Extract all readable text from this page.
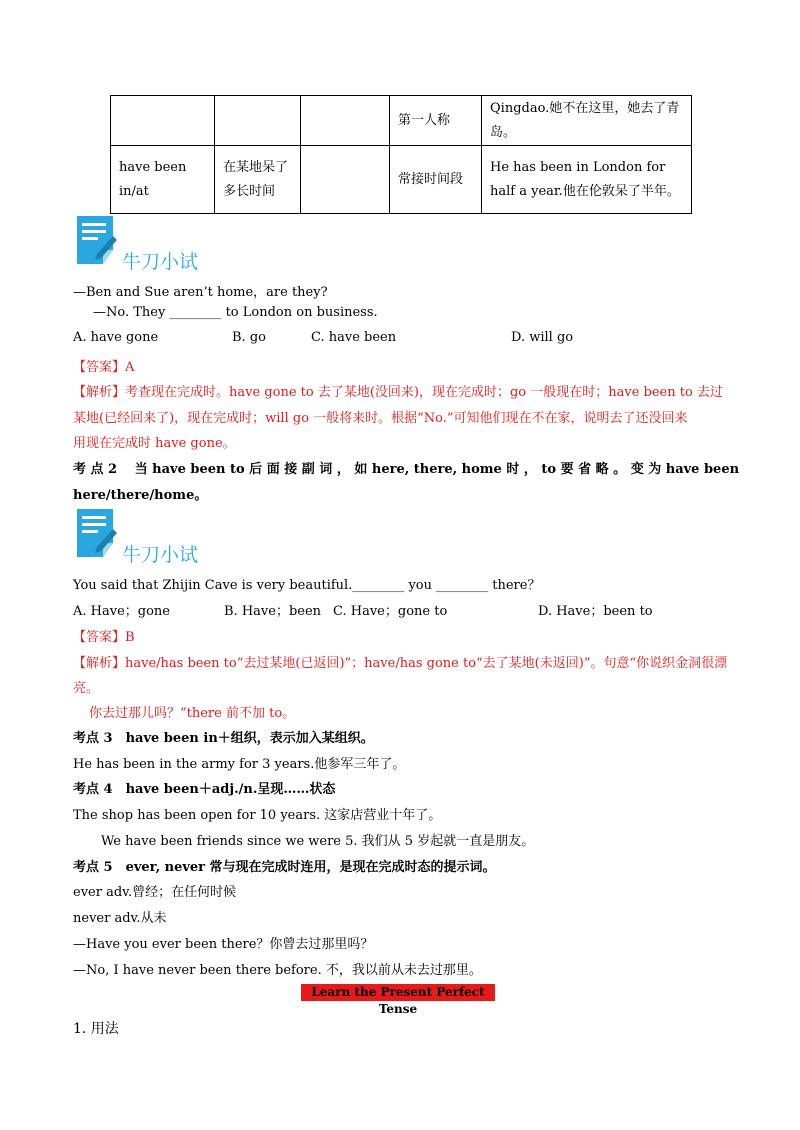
			第一人称	Qingdao.她不在这里，她去了青岛。
have been in/at	在某地呆了多长时间		常接时间段	He has been in London for half a year.他在伦敦呆了半年。
牛刀小试
—Ben and Sue aren’t home，are they?
—No. They ________ to London on business.
A. have gone	B. go	C. have been	D. will go
【答案】A
【解析】考查现在完成时。have gone to 去了某地(没回来)，现在完成时；go 一般现在时；have been to 去过
某地(已经回来了)，现在完成时；will go 一般将来时。根据“No.”可知他们现在不在家，说明去了还没回来
用现在完成时 have gone。
考 点 2　 当 have been to 后 面 接 副 词 ， 如 here, there, home 时 ， to 要 省 略 。 变 为 have been
here/there/home。
牛刀小试
You said that Zhijin Cave is very beautiful.________ you ________ there？
A. Have；gone	B. Have；been C. Have；gone to	D. Have；been to
【答案】B
【解析】have/has been to“去过某地(已返回)”；have/has gone to“去了某地(未返回)”。句意“你说织金洞很漂
亮。
你去过那儿吗？”there 前不加 to。
考点 3　have been in＋组织，表示加入某组织。
He has been in the army for 3 years.他参军三年了。
考点 4　have been＋adj./n.呈现……状态
The shop has been open for 10 years. 这家店营业十年了。
We have been friends since we were 5. 我们从 5 岁起就一直是朋友。
考点 5　ever, never 常与现在完成时连用，是现在完成时态的提示词。
ever adv.曾经；在任何时候
never adv.从未
—Have you ever been there？你曾去过那里吗？
—No, I have never been there before. 不，我以前从未去过那里。
Learn the Present Perfect Tense
1. 用法
